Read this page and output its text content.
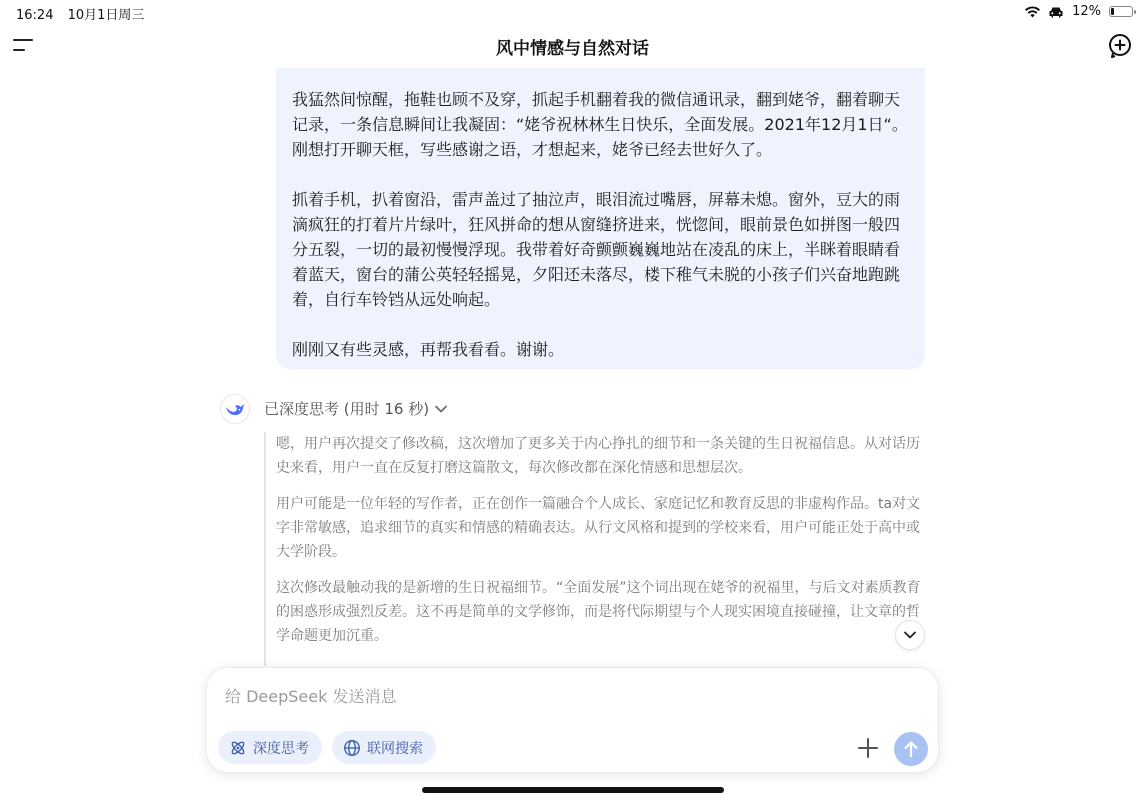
16:24 10月1日周三	12%
风中情感与自然对话

我猛然间惊醒，拖鞋也顾不及穿，抓起手机翻着我的微信通讯录，翻到姥爷，翻着聊天记录，一条信息瞬间让我凝固：“姥爷祝林林生日快乐，全面发展。2021年12月1日“。刚想打开聊天框，写些感谢之语，才想起来，姥爷已经去世好久了。

抓着手机，扒着窗沿，雷声盖过了抽泣声，眼泪流过嘴唇，屏幕未熄。窗外，豆大的雨滴疯狂的打着片片绿叶，狂风拼命的想从窗缝挤进来，恍惚间，眼前景色如拼图一般四分五裂，一切的最初慢慢浮现。我带着好奇颤颤巍巍地站在凌乱的床上，半眯着眼睛看着蓝天，窗台的蒲公英轻轻摇晃，夕阳还未落尽，楼下稚气未脱的小孩子们兴奋地跑跳着，自行车铃铛从远处响起。

刚刚又有些灵感，再帮我看看。谢谢。

已深度思考 (用时 16 秒)

嗯，用户再次提交了修改稿，这次增加了更多关于内心挣扎的细节和一条关键的生日祝福信息。从对话历史来看，用户一直在反复打磨这篇散文，每次修改都在深化情感和思想层次。

用户可能是一位年轻的写作者，正在创作一篇融合个人成长、家庭记忆和教育反思的非虚构作品。ta对文字非常敏感，追求细节的真实和情感的精确表达。从行文风格和提到的学校来看，用户可能正处于高中或大学阶段。

这次修改最触动我的是新增的生日祝福细节。“全面发展”这个词出现在姥爷的祝福里，与后文对素质教育的困惑形成强烈反差。这不再是简单的文学修饰，而是将代际期望与个人现实困境直接碰撞，让文章的哲学命题更加沉重。

给 DeepSeek 发送消息
深度思考	联网搜索
